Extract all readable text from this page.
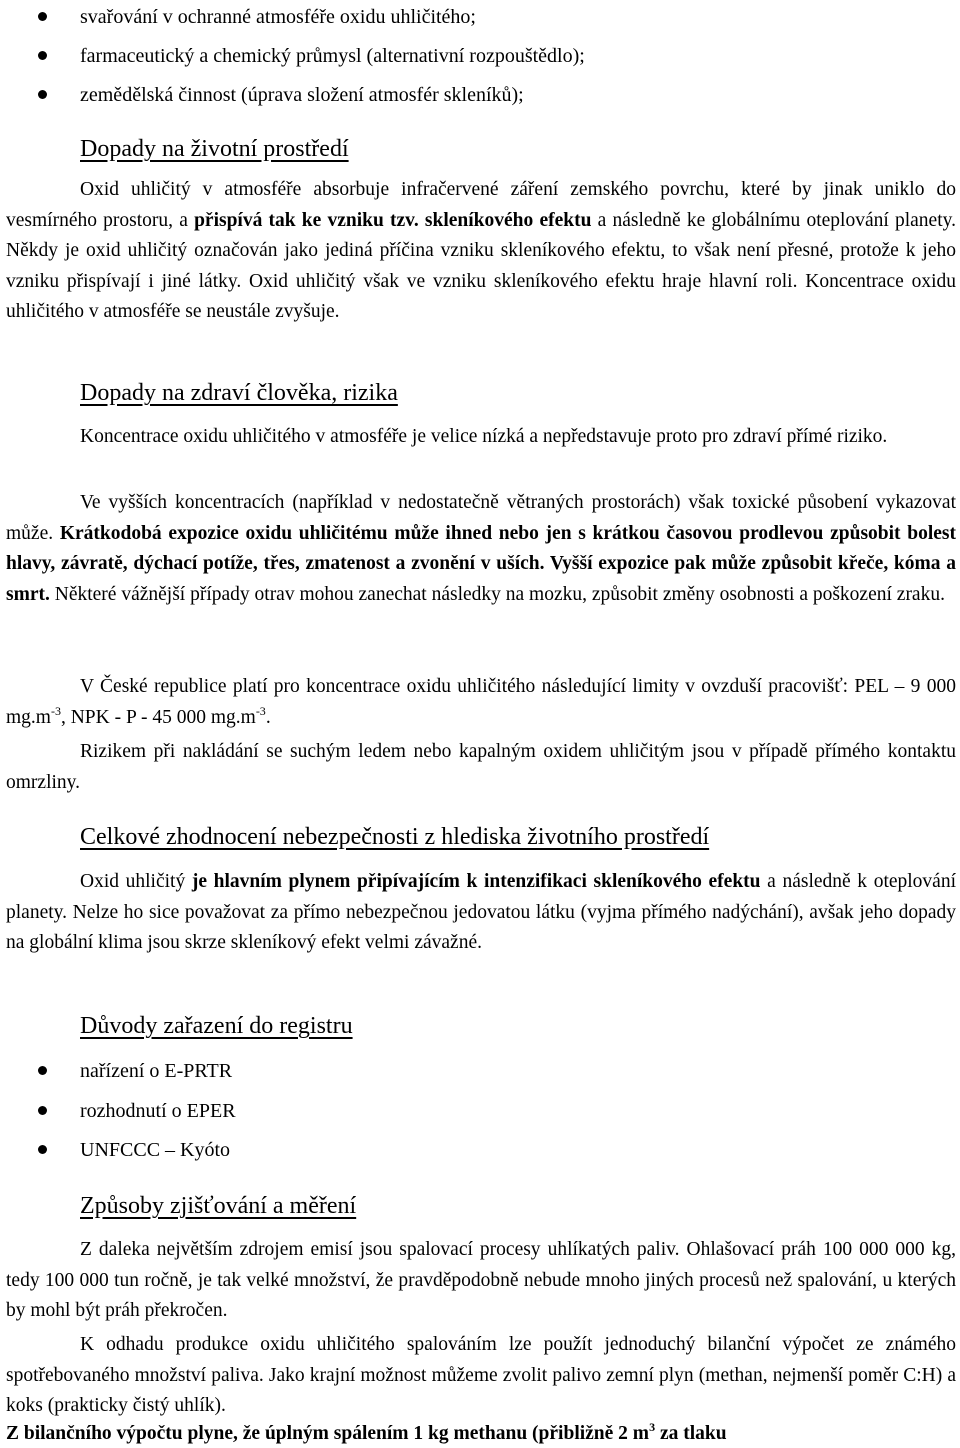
svařování v ochranné atmosféře oxidu uhličitého;
farmaceutický a chemický průmysl (alternativní rozpouštědlo);
zemědělská činnost (úprava složení atmosfér skleníků);
Dopady na životní prostředí

Oxid uhličitý v atmosféře absorbuje infračervené záření zemského povrchu, které by jinak uniklo do vesmírného prostoru, a přispívá tak ke vzniku tzv. skleníkového efektu a následně ke globálnímu oteplování planety. Někdy je oxid uhličitý označován jako jediná příčina vzniku skleníkového efektu, to však není přesné, protože k jeho vzniku přispívají i jiné látky. Oxid uhličitý však ve vzniku skleníkového efektu hraje hlavní roli. Koncentrace oxidu uhličitého v atmosféře se neustále zvyšuje.

Dopady na zdraví člověka, rizika

Koncentrace oxidu uhličitého v atmosféře je velice nízká a nepředstavuje proto pro zdraví přímé riziko.

Ve vyšších koncentracích (například v nedostatečně větraných prostorách) však toxické působení vykazovat může. Krátkodobá expozice oxidu uhličitému může ihned nebo jen s krátkou časovou prodlevou způsobit bolest hlavy, závratě, dýchací potíže, třes, zmatenost a zvonění v uších. Vyšší expozice pak může způsobit křeče, kóma a smrt. Některé vážnější případy otrav mohou zanechat následky na mozku, způsobit změny osobnosti a poškození zraku.

V České republice platí pro koncentrace oxidu uhličitého následující limity v ovzduší pracovišť: PEL – 9 000 $mg.m^{-3}$, NPK - P - 45 000 $mg.m^{-3}$.

Rizikem při nakládání se suchým ledem nebo kapalným oxidem uhličitým jsou v případě přímého kontaktu omrzliny.

Celkové zhodnocení nebezpečnosti z hlediska životního prostředí

Oxid uhličitý je hlavním plynem připívajícím k intenzifikaci skleníkového efektu a následně k oteplování planety. Nelze ho sice považovat za přímo nebezpečnou jedovatou látku (vyjma přímého nadýchání), avšak jeho dopady na globální klima jsou skrze skleníkový efekt velmi závažné.

Důvody zařazení do registru
nařízení o E-PRTR
rozhodnutí o EPER
UNFCCC – Kyóto
Způsoby zjišťování a měření

Z daleka největším zdrojem emisí jsou spalovací procesy uhlíkatých paliv. Ohlašovací práh 100 000 000 kg, tedy 100 000 tun ročně, je tak velké množství, že pravděpodobně nebude mnoho jiných procesů než spalování, u kterých by mohl být práh překročen.

K odhadu produkce oxidu uhličitého spalováním lze použít jednoduchý bilanční výpočet ze známého spotřebovaného množství paliva. Jako krajní možnost můžeme zvolit palivo zemní plyn (methan, nejmenší poměr C:H) a koks (prakticky čistý uhlík).

Z bilančního výpočtu plyne, že úplným spálením 1 kg methanu (přibližně 2 $m^3$ za tlaku
